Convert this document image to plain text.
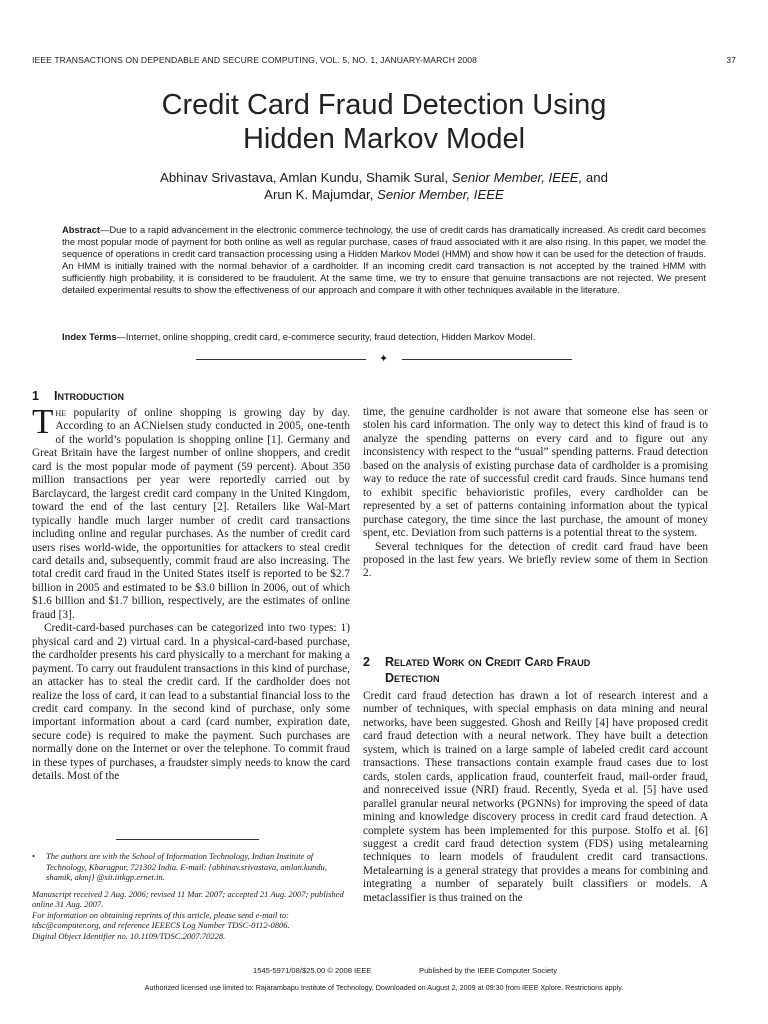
IEEE TRANSACTIONS ON DEPENDABLE AND SECURE COMPUTING, VOL. 5, NO. 1, JANUARY-MARCH 2008	37
Credit Card Fraud Detection Using
Hidden Markov Model
Abhinav Srivastava, Amlan Kundu, Shamik Sural, Senior Member, IEEE, and
Arun K. Majumdar, Senior Member, IEEE
Abstract—Due to a rapid advancement in the electronic commerce technology, the use of credit cards has dramatically increased. As credit card becomes the most popular mode of payment for both online as well as regular purchase, cases of fraud associated with it are also rising. In this paper, we model the sequence of operations in credit card transaction processing using a Hidden Markov Model (HMM) and show how it can be used for the detection of frauds. An HMM is initially trained with the normal behavior of a cardholder. If an incoming credit card transaction is not accepted by the trained HMM with sufficiently high probability, it is considered to be fraudulent. At the same time, we try to ensure that genuine transactions are not rejected. We present detailed experimental results to show the effectiveness of our approach and compare it with other techniques available in the literature.
Index Terms—Internet, online shopping, credit card, e-commerce security, fraud detection, Hidden Markov Model.
✦
1 Introduction

The popularity of online shopping is growing day by day. According to an ACNielsen study conducted in 2005, one-tenth of the world’s population is shopping online [1]. Germany and Great Britain have the largest number of online shoppers, and credit card is the most popular mode of payment (59 percent). About 350 million transactions per year were reportedly carried out by Barclaycard, the largest credit card company in the United Kingdom, toward the end of the last century [2]. Retailers like Wal-Mart typically handle much larger number of credit card transactions including online and regular purchases. As the number of credit card users rises world-wide, the opportunities for attackers to steal credit card details and, subsequently, commit fraud are also increasing. The total credit card fraud in the United States itself is reported to be $2.7 billion in 2005 and estimated to be $3.0 billion in 2006, out of which $1.6 billion and $1.7 billion, respectively, are the estimates of online fraud [3].

Credit-card-based purchases can be categorized into two types: 1) physical card and 2) virtual card. In a physical-card-based purchase, the cardholder presents his card physically to a merchant for making a payment. To carry out fraudulent transactions in this kind of purchase, an attacker has to steal the credit card. If the cardholder does not realize the loss of card, it can lead to a substantial financial loss to the credit card company. In the second kind of purchase, only some important information about a card (card number, expiration date, secure code) is required to make the payment. Such purchases are normally done on the Internet or over the telephone. To commit fraud in these types of purchases, a fraudster simply needs to know the card details. Most of the

time, the genuine cardholder is not aware that someone else has seen or stolen his card information. The only way to detect this kind of fraud is to analyze the spending patterns on every card and to figure out any inconsistency with respect to the “usual” spending patterns. Fraud detection based on the analysis of existing purchase data of cardholder is a promising way to reduce the rate of successful credit card frauds. Since humans tend to exhibit specific behavioristic profiles, every cardholder can be represented by a set of patterns containing information about the typical purchase category, the time since the last purchase, the amount of money spent, etc. Deviation from such patterns is a potential threat to the system.

Several techniques for the detection of credit card fraud have been proposed in the last few years. We briefly review some of them in Section 2.

2 Related Work on Credit Card Fraud
Detection

Credit card fraud detection has drawn a lot of research interest and a number of techniques, with special emphasis on data mining and neural networks, have been suggested. Ghosh and Reilly [4] have proposed credit card fraud detection with a neural network. They have built a detection system, which is trained on a large sample of labeled credit card account transactions. These transactions contain example fraud cases due to lost cards, stolen cards, application fraud, counterfeit fraud, mail-order fraud, and nonreceived issue (NRI) fraud. Recently, Syeda et al. [5] have used parallel granular neural networks (PGNNs) for improving the speed of data mining and knowledge discovery process in credit card fraud detection. A complete system has been implemented for this purpose. Stolfo et al. [6] suggest a credit card fraud detection system (FDS) using metalearning techniques to learn models of fraudulent credit card transactions. Metalearning is a general strategy that provides a means for combining and integrating a number of separately built classifiers or models. A metaclassifier is thus trained on the

• The authors are with the School of Information Technology, Indian Institute of Technology, Kharagpur, 721302 India. E-mail: {abhinav.srivastava, amlan.kundu, shamik, akmj} @sit.iitkgp.ernet.in.

Manuscript received 2 Aug. 2006; revised 11 Mar. 2007; accepted 21 Aug. 2007; published online 31 Aug. 2007.

For information on obtaining reprints of this article, please send e-mail to: tdsc@computer.org, and reference IEEECS Log Number TDSC-0112-0806.

Digital Object Identifier no. 10.1109/TDSC.2007.70228.

1545-5971/08/$25.00 © 2008 IEEE	Published by the IEEE Computer Society
Authorized licensed use limited to: Rajarambapu Institute of Technology. Downloaded on August 2, 2009 at 09:30 from IEEE Xplore. Restrictions apply.
